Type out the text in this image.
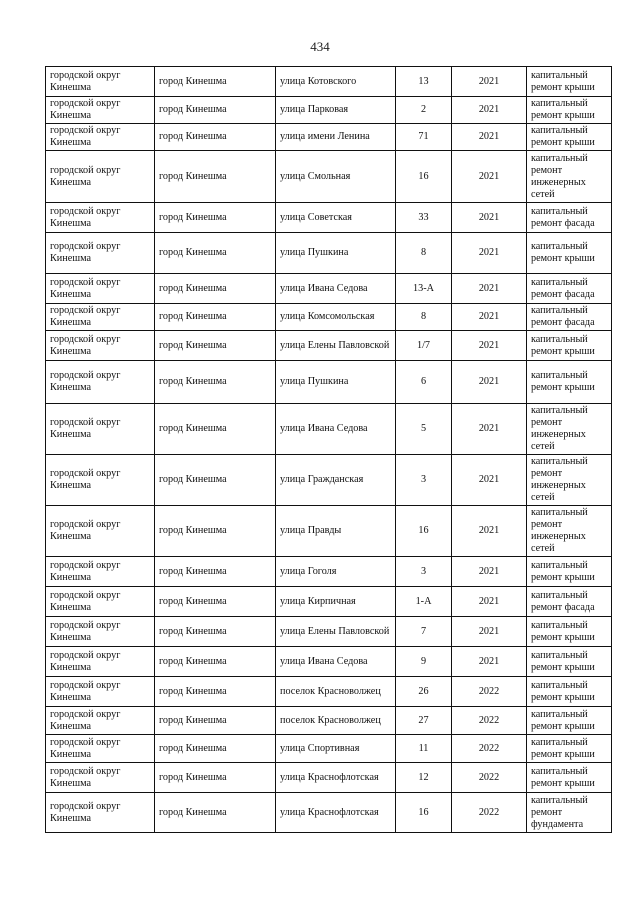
434
городской округ Кинешма	город Кинешма	улица Котовского	13	2021	капитальный ремонт крыши
городской округ Кинешма	город Кинешма	улица Парковая	2	2021	капитальный ремонт крыши
городской округ Кинешма	город Кинешма	улица имени Ленина	71	2021	капитальный ремонт крыши
городской округ Кинешма	город Кинешма	улица Смольная	16	2021	капитальный ремонт инженерных сетей
городской округ Кинешма	город Кинешма	улица Советская	33	2021	капитальный ремонт фасада
городской округ Кинешма	город Кинешма	улица Пушкина	8	2021	капитальный ремонт крыши
городской округ Кинешма	город Кинешма	улица Ивана Седова	13-А	2021	капитальный ремонт фасада
городской округ Кинешма	город Кинешма	улица Комсомольская	8	2021	капитальный ремонт фасада
городской округ Кинешма	город Кинешма	улица Елены Павловской	1/7	2021	капитальный ремонт крыши
городской округ Кинешма	город Кинешма	улица Пушкина	6	2021	капитальный ремонт крыши
городской округ Кинешма	город Кинешма	улица Ивана Седова	5	2021	капитальный ремонт инженерных сетей
городской округ Кинешма	город Кинешма	улица Гражданская	3	2021	капитальный ремонт инженерных сетей
городской округ Кинешма	город Кинешма	улица Правды	16	2021	капитальный ремонт инженерных сетей
городской округ Кинешма	город Кинешма	улица Гоголя	3	2021	капитальный ремонт крыши
городской округ Кинешма	город Кинешма	улица Кирпичная	1-А	2021	капитальный ремонт фасада
городской округ Кинешма	город Кинешма	улица Елены Павловской	7	2021	капитальный ремонт крыши
городской округ Кинешма	город Кинешма	улица Ивана Седова	9	2021	капитальный ремонт крыши
городской округ Кинешма	город Кинешма	поселок Красноволжец	26	2022	капитальный ремонт крыши
городской округ Кинешма	город Кинешма	поселок Красноволжец	27	2022	капитальный ремонт крыши
городской округ Кинешма	город Кинешма	улица Спортивная	11	2022	капитальный ремонт крыши
городской округ Кинешма	город Кинешма	улица Краснофлотская	12	2022	капитальный ремонт крыши
городской округ Кинешма	город Кинешма	улица Краснофлотская	16	2022	капитальный ремонт фундамента
